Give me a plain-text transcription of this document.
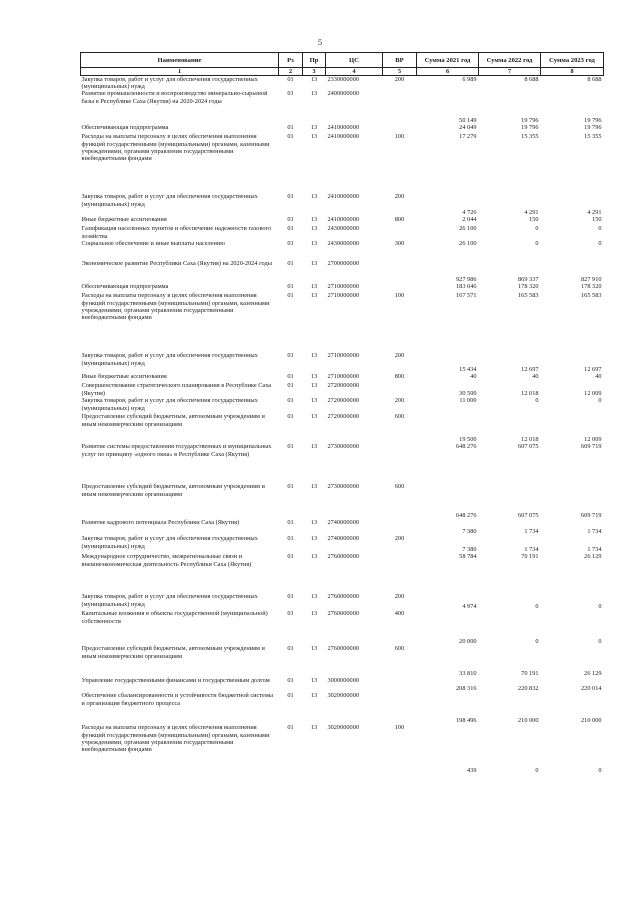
5
Наименование	Рз	Пр	ЦС	ВР	Сумма 2021 год	Сумма 2022 год	Сумма 2023 год
1	2	3	4	5	6	7	8
Закупка товаров, работ и услуг для обеспечения государственных (муниципальных) нужд	01	13	2330000000	200	6 989	8 688	8 688
Развитие промышленности и воспроизводство минерально-сырьевой базы в Республике Саха (Якутия) на 2020-2024 годы	01	13	2400000000		50 149	19 796	19 796
Обеспечивающая подпрограмма	01	13	2410000000		24 049	19 796	19 796
Расходы на выплаты персоналу в целях обеспечения выполнения функций государственными (муниципальными) органами, казенными учреждениями, органами управления государственными внебюджетными фондами	01	13	2410000000	100	17 279	15 355	15 355
Закупка товаров, работ и услуг для обеспечения государственных (муниципальных) нужд	01	13	2410000000	200	4 726	4 291	4 291
Иные бюджетные ассигнования	01	13	2410000000	800	2 044	150	150
Газификация населенных пунктов и обеспечение надежности газового хозяйства	01	13	2430000000		26 100	0	0
Социальное обеспечение и иные выплаты населению	01	13	2430000000	300	26 100	0	0
Экономическое развитие Республики Саха (Якутия) на 2020-2024 годы	01	13	2700000000		927 986	869 337	827 910
Обеспечивающая подпрограмма	01	13	2710000000		183 046	178 320	178 320
Расходы на выплаты персоналу в целях обеспечения выполнения функций государственными (муниципальными) органами, казенными учреждениями, органами управления государственными внебюджетными фондами	01	13	2710000000	100	167 571	165 583	165 583
Закупка товаров, работ и услуг для обеспечения государственных (муниципальных) нужд	01	13	2710000000	200	15 434	12 697	12 697
Иные бюджетные ассигнования	01	13	2710000000	800	40	40	40
Совершенствование стратегического планирования в Республике Саха (Якутия)	01	13	2720000000		30 500	12 018	12 009
Закупка товаров, работ и услуг для обеспечения государственных (муниципальных) нужд	01	13	2720000000	200	11 000	0	0
Предоставление субсидий бюджетным, автономным учреждениям и иным некоммерческим организациям	01	13	2720000000	600	19 500	12 018	12 009
Развитие системы предоставления государственных и муниципальных услуг по принципу «одного окна» в Республике Саха (Якутия)	01	13	2730000000		648 276	607 075	609 719
Предоставление субсидий бюджетным, автономным учреждениям и иным некоммерческим организациям	01	13	2730000000	600	648 276	607 075	609 719
Развитие кадрового потенциала Республики Саха (Якутия)	01	13	2740000000		7 380	1 734	1 734
Закупка товаров, работ и услуг для обеспечения государственных (муниципальных) нужд	01	13	2740000000	200	7 380	1 734	1 734
Международное сотрудничество, межрегиональные связи и внешнеэкономическая деятельность Республики Саха (Якутия)	01	13	2760000000		58 784	70 191	26 129
Закупка товаров, работ и услуг для обеспечения государственных (муниципальных) нужд	01	13	2760000000	200	4 974	0	0
Капитальные вложения в объекты государственной (муниципальной) собственности	01	13	2760000000	400	20 000	0	0
Предоставление субсидий бюджетным, автономным учреждениям и иным некоммерческим организациям	01	13	2760000000	600	33 810	70 191	26 129
Управление государственными финансами и государственным долгом	01	13	3000000000		208 316	220 832	220 014
Обеспечение сбалансированности и устойчивости бюджетной системы и организация бюджетного процесса	01	13	3020000000		198 496	210 000	210 000
Расходы на выплаты персоналу в целях обеспечения выполнения функций государственными (муниципальными) органами, казенными учреждениями, органами управления государственными внебюджетными фондами	01	13	3020000000	100	439	0	0
